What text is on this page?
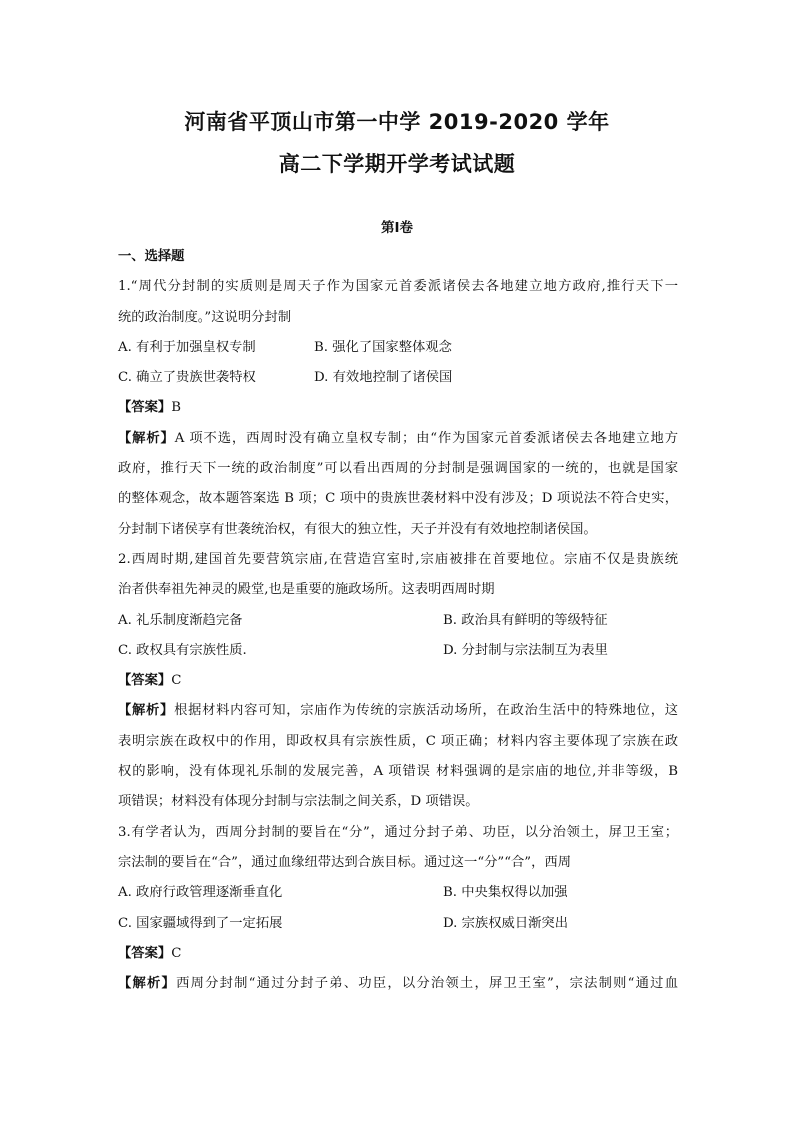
河南省平顶山市第一中学 2019-2020 学年
高二下学期开学考试试题
第Ⅰ卷
一、选择题
1.“周代分封制的实质则是周天子作为国家元首委派诸侯去各地建立地方政府,推行天下一
统的政治制度。”这说明分封制
A. 有利于加强皇权专制	B. 强化了国家整体观念
C. 确立了贵族世袭特权	D. 有效地控制了诸侯国
【答案】B
【解析】A 项不选，西周时没有确立皇权专制；由“作为国家元首委派诸侯去各地建立地方
政府，推行天下一统的政治制度”可以看出西周的分封制是强调国家的一统的，也就是国家
的整体观念，故本题答案选 B 项；C 项中的贵族世袭材料中没有涉及；D 项说法不符合史实，
分封制下诸侯享有世袭统治权，有很大的独立性，天子并没有有效地控制诸侯国。
2.西周时期,建国首先要营筑宗庙,在营造宫室时,宗庙被排在首要地位。宗庙不仅是贵族统
治者供奉祖先神灵的殿堂,也是重要的施政场所。这表明西周时期
A. 礼乐制度渐趋完备	B. 政治具有鲜明的等级特征
C. 政权具有宗族性质.	D. 分封制与宗法制互为表里
【答案】C
【解析】根据材料内容可知，宗庙作为传统的宗族活动场所，在政治生活中的特殊地位，这
表明宗族在政权中的作用，即政权具有宗族性质，C 项正确；材料内容主要体现了宗族在政
权的影响，没有体现礼乐制的发展完善，A 项错误 材料强调的是宗庙的地位,并非等级，B
项错误；材料没有体现分封制与宗法制之间关系，D 项错误。
3.有学者认为，西周分封制的要旨在“分”，通过分封子弟、功臣，以分治领土，屏卫王室；
宗法制的要旨在“合”，通过血缘纽带达到合族目标。通过这一“分”“合”，西周
A. 政府行政管理逐渐垂直化	B. 中央集权得以加强
C. 国家疆域得到了一定拓展	D. 宗族权威日渐突出
【答案】C
【解析】西周分封制“通过分封子弟、功臣，以分治领土，屏卫王室”，宗法制则“通过血
